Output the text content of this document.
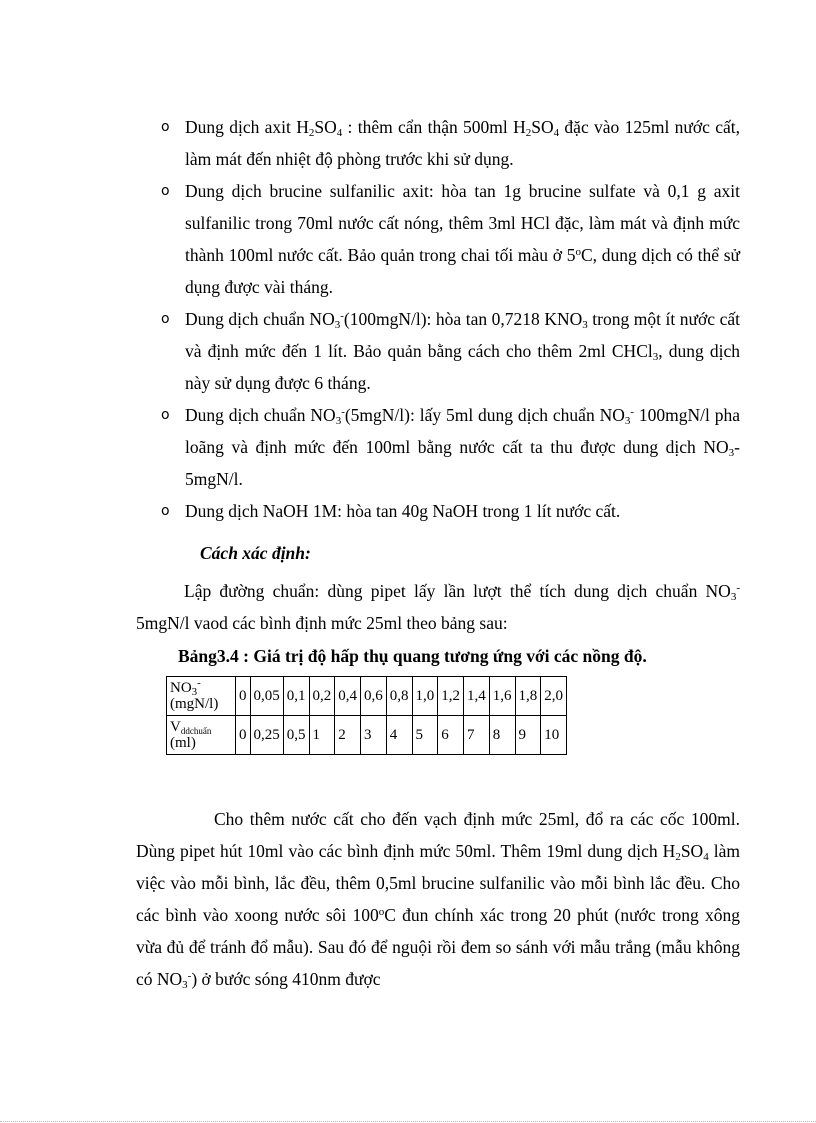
o Dung dịch axit $H_2SO_4$ : thêm cẩn thận 500ml $H_2SO_4$ đặc vào 125ml nước cất, làm mát đến nhiệt độ phòng trước khi sử dụng.
o Dung dịch brucine sulfanilic axit: hòa tan 1g brucine sulfate và 0,1 g axit sulfanilic trong 70ml nước cất nóng, thêm 3ml HCl đặc, làm mát và định mức thành 100ml nước cất. Bảo quản trong chai tối màu ở 5$^o$C, dung dịch có thể sử dụng được vài tháng.
o Dung dịch chuẩn $NO_3^-(100mgN/l)$: hòa tan 0,7218 $KNO_3$ trong một ít nước cất và định mức đến 1 lít. Bảo quản bằng cách cho thêm 2ml CHCl$_3$, dung dịch này sử dụng được 6 tháng.
o Dung dịch chuẩn $NO_3^-(5mgN/l)$: lấy 5ml dung dịch chuẩn $NO_3^-$ 100mgN/l pha loãng và định mức đến 100ml bằng nước cất ta thu được dung dịch $NO_3-5mgN/l$.
o Dung dịch NaOH 1M: hòa tan 40g NaOH trong 1 lít nước cất.
Cách xác định:

Lập đường chuẩn: dùng pipet lấy lần lượt thể tích dung dịch chuẩn $NO_3^-$ 5mgN/l vaod các bình định mức 25ml theo bảng sau:

Bảng3.4 : Giá trị độ hấp thụ quang tương ứng với các nồng độ.
$NO_3^-$
(mgN/l)	0	0,05	0,1	0,2	0,4	0,6	0,8	1,0	1,2	1,4	1,6	1,8	2,0
$V_{ddchuẩn}$
(ml)	0	0,25	0,5	1	2	3	4	5	6	7	8	9	10

Cho thêm nước cất cho đến vạch định mức 25ml, đổ ra các cốc 100ml. Dùng pipet hút 10ml vào các bình định mức 50ml. Thêm 19ml dung dịch $H_2SO_4$ làm việc vào mỗi bình, lắc đều, thêm 0,5ml brucine sulfanilic vào mỗi bình lắc đều. Cho các bình vào xoong nước sôi 100$^o$C đun chính xác trong 20 phút (nước trong xông vừa đủ để tránh đổ mẫu). Sau đó để nguội rồi đem so sánh với mẫu trắng (mẫu không có $NO_3^-$) ở bước sóng 410nm được
